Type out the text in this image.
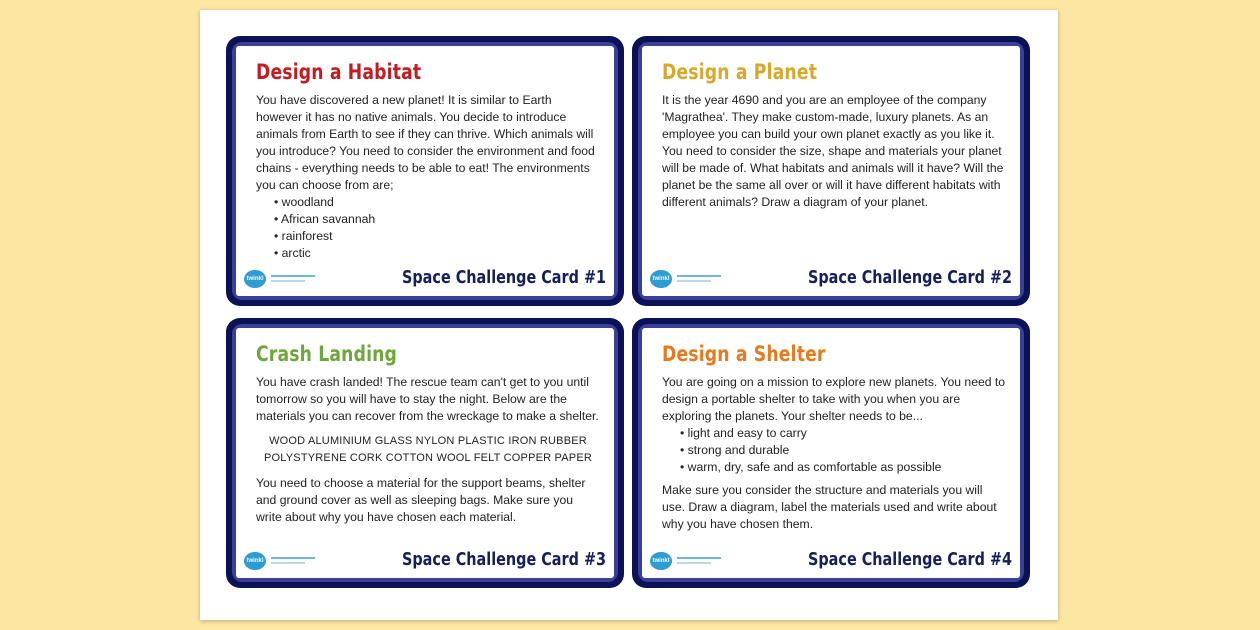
Design a Habitat

You have discovered a new planet! It is similar to Earth however it has no native animals. You decide to introduce animals from Earth to see if they can thrive. Which animals will you introduce? You need to consider the environment and food chains - everything needs to be able to eat! The environments you can choose from are;

• woodland
• African savannah
• rainforest
• arctic
twinkl	Space Challenge Card #1
Design a Planet

It is the year 4690 and you are an employee of the company 'Magrathea'. They make custom-made, luxury planets. As an employee you can build your own planet exactly as you like it. You need to consider the size, shape and materials your planet will be made of. What habitats and animals will it have? Will the planet be the same all over or will it have different habitats with different animals? Draw a diagram of your planet.

twinkl	Space Challenge Card #2
Crash Landing

You have crash landed! The rescue team can't get to you until tomorrow so you will have to stay the night. Below are the materials you can recover from the wreckage to make a shelter.

WOOD ALUMINIUM GLASS NYLON PLASTIC IRON RUBBER
POLYSTYRENE CORK COTTON WOOL FELT COPPER PAPER

You need to choose a material for the support beams, shelter and ground cover as well as sleeping bags. Make sure you write about why you have chosen each material.

twinkl	Space Challenge Card #3
Design a Shelter

You are going on a mission to explore new planets. You need to design a portable shelter to take with you when you are exploring the planets. Your shelter needs to be...

• light and easy to carry
• strong and durable
• warm, dry, safe and as comfortable as possible

Make sure you consider the structure and materials you will use. Draw a diagram, label the materials used and write about why you have chosen them.

twinkl	Space Challenge Card #4
